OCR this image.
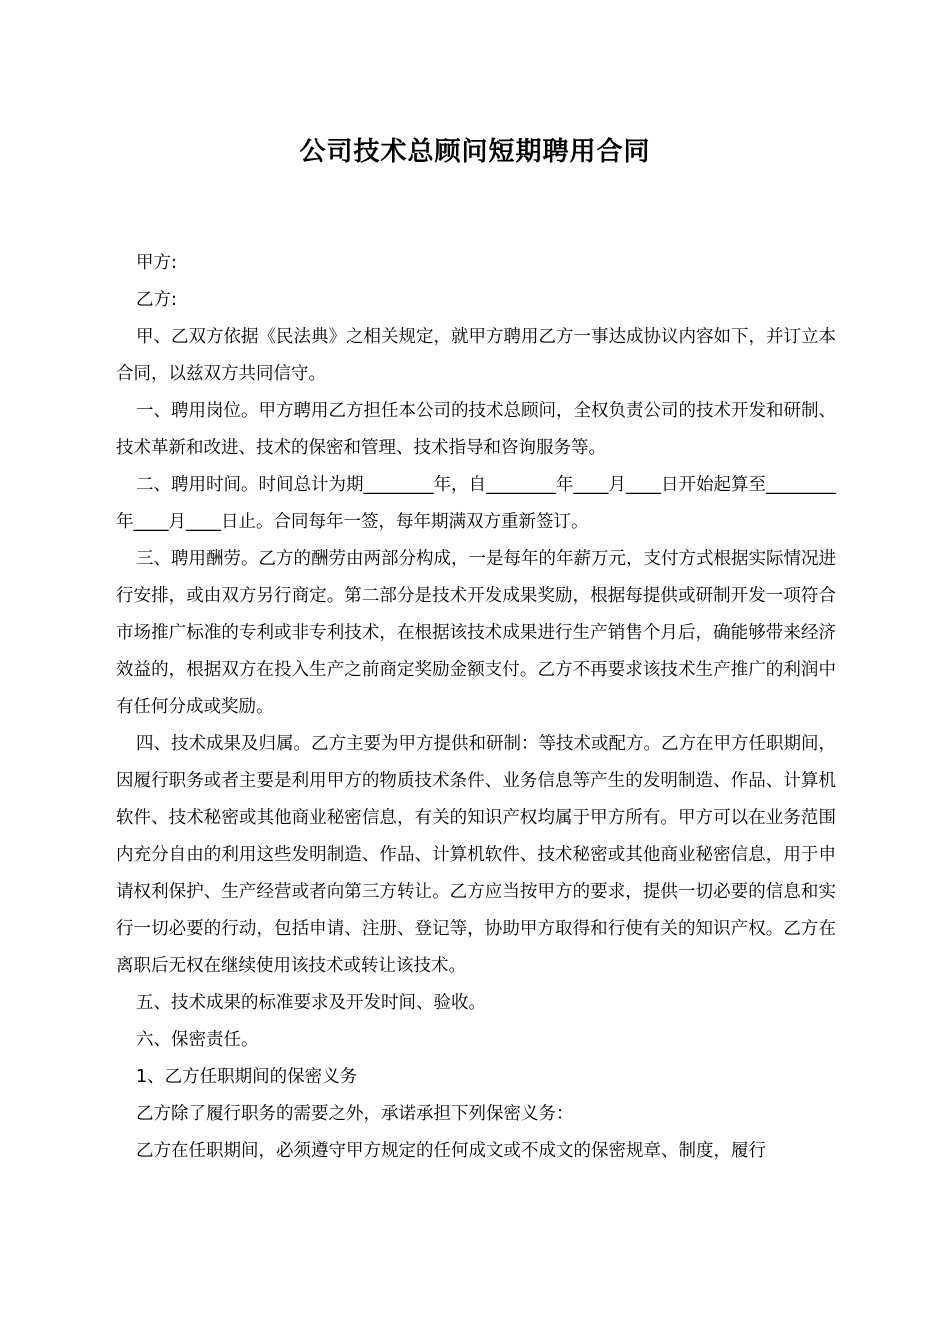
公司技术总顾问短期聘用合同

甲方:

乙方:

甲、乙双方依据《民法典》之相关规定，就甲方聘用乙方一事达成协议内容如下，并订立本合同，以兹双方共同信守。

一、聘用岗位。甲方聘用乙方担任本公司的技术总顾问，全权负责公司的技术开发和研制、技术革新和改进、技术的保密和管理、技术指导和咨询服务等。

二、聘用时间。时间总计为期________年，自________年____月____日开始起算至________年____月____日止。合同每年一签，每年期满双方重新签订。

三、聘用酬劳。乙方的酬劳由两部分构成，一是每年的年薪万元，支付方式根据实际情况进行安排，或由双方另行商定。第二部分是技术开发成果奖励，根据每提供或研制开发一项符合市场推广标准的专利或非专利技术，在根据该技术成果进行生产销售个月后，确能够带来经济效益的，根据双方在投入生产之前商定奖励金额支付。乙方不再要求该技术生产推广的利润中有任何分成或奖励。

四、技术成果及归属。乙方主要为甲方提供和研制：等技术或配方。乙方在甲方任职期间，因履行职务或者主要是利用甲方的物质技术条件、业务信息等产生的发明制造、作品、计算机软件、技术秘密或其他商业秘密信息，有关的知识产权均属于甲方所有。甲方可以在业务范围内充分自由的利用这些发明制造、作品、计算机软件、技术秘密或其他商业秘密信息，用于申请权利保护、生产经营或者向第三方转让。乙方应当按甲方的要求，提供一切必要的信息和实行一切必要的行动，包括申请、注册、登记等，协助甲方取得和行使有关的知识产权。乙方在离职后无权在继续使用该技术或转让该技术。

五、技术成果的标准要求及开发时间、验收。

六、保密责任。

1、乙方任职期间的保密义务

乙方除了履行职务的需要之外，承诺承担下列保密义务：

乙方在任职期间，必须遵守甲方规定的任何成文或不成文的保密规章、制度，履行
